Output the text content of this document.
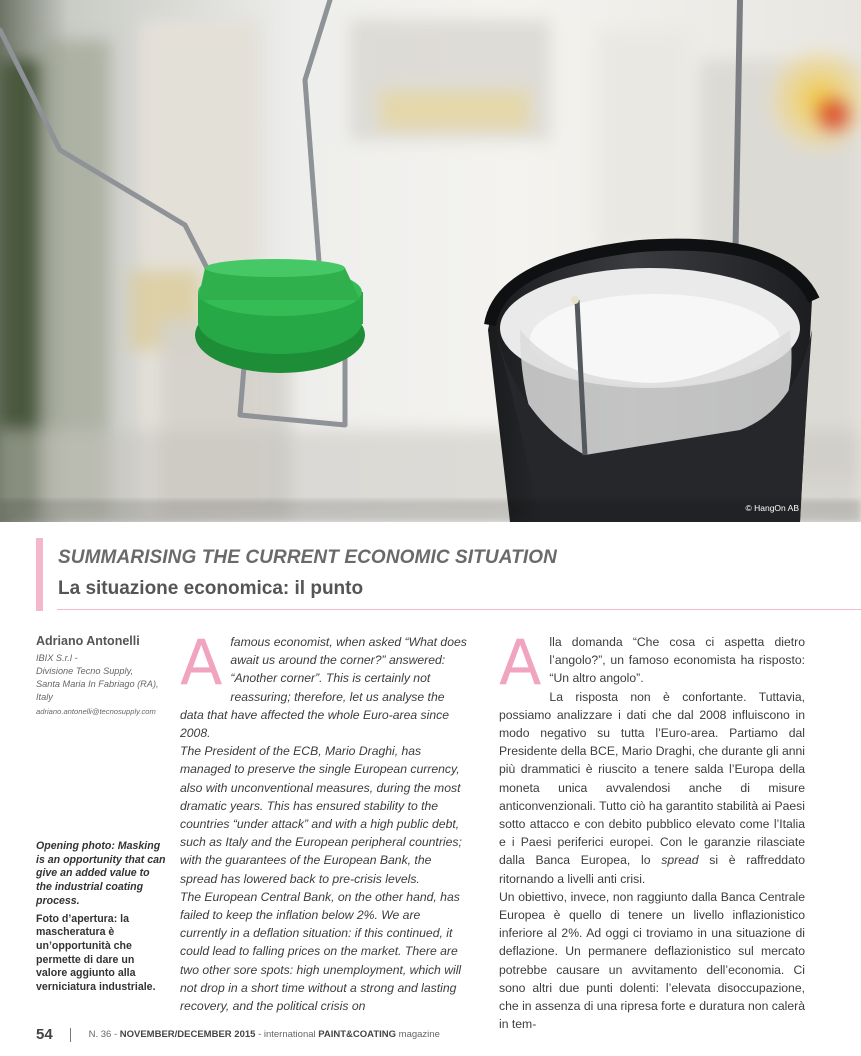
© HangOn AB
SUMMARISING THE CURRENT ECONOMIC SITUATION
La situazione economica: il punto
Adriano Antonelli
IBIX S.r.l -
Divisione Tecno Supply,
Santa Maria In Fabriago (RA),
Italy
adriano.antonelli@tecnosupply.com

Opening photo: Masking is an opportunity that can give an added value to the industrial coating process.

Foto d’apertura: la mascheratura è un’opportunità che permette di dare un valore aggiunto alla verniciatura industriale.

A famous economist, when asked “What does await us around the corner?” answered: “Another corner”. This is certainly not reassuring; therefore, let us analyse the data that have affected the whole Euro-area since 2008.

The President of the ECB, Mario Draghi, has managed to preserve the single European currency, also with unconventional measures, during the most dramatic years. This has ensured stability to the countries “under attack” and with a high public debt, such as Italy and the European peripheral countries; with the guarantees of the European Bank, the spread has lowered back to pre-crisis levels.

The European Central Bank, on the other hand, has failed to keep the inflation below 2%. We are currently in a deflation situation: if this continued, it could lead to falling prices on the market. There are two other sore spots: high unemployment, which will not drop in a short time without a strong and lasting recovery, and the political crisis on

A lla domanda “Che cosa ci aspetta dietro l’angolo?”, un famoso economista ha risposto: “Un altro angolo”.

La risposta non è confortante. Tuttavia, possiamo analizzare i dati che dal 2008 influiscono in modo negativo su tutta l’Euro-area. Partiamo dal Presidente della BCE, Mario Draghi, che durante gli anni più drammatici è riuscito a tenere salda l’Europa della moneta unica avvalendosi anche di misure anticonvenzionali. Tutto ciò ha garantito stabilità ai Paesi sotto attacco e con debito pubblico elevato come l’Italia e i Paesi periferici europei. Con le garanzie rilasciate dalla Banca Europea, lo spread si è raffreddato ritornando a livelli anti crisi.

Un obiettivo, invece, non raggiunto dalla Banca Centrale Europea è quello di tenere un livello inflazionistico inferiore al 2%. Ad oggi ci troviamo in una situazione di deflazione. Un permanere deflazionistico sul mercato potrebbe causare un avvitamento dell’economia. Ci sono altri due punti dolenti: l’elevata disoccupazione, che in assenza di una ripresa forte e duratura non calerà in tem-

54	N. 36 - NOVEMBER/DECEMBER 2015 - international PAINT&COATING magazine
